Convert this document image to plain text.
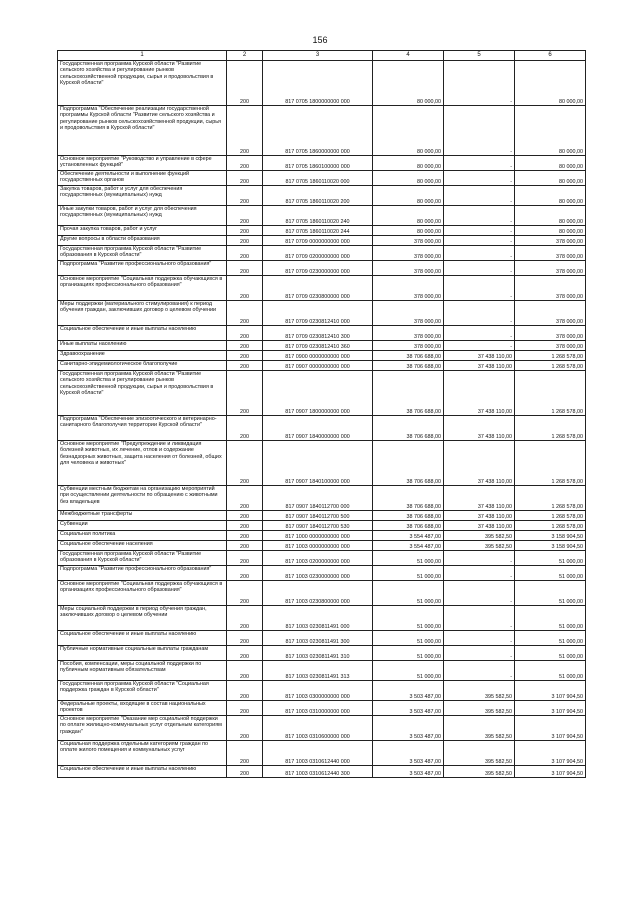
156
1	2	3	4	5	6
Государственная программа Курской области "Развитие сельского хозяйства и регулирование рынков сельскохозяйственной продукции, сырья и продовольствия в Курской области"	200	817 0705 1800000000 000	80 000,00	-	80 000,00
Подпрограмма "Обеспечение реализации государственной программы Курской области "Развитие сельского хозяйства и регулирование рынков сельскохозяйственной продукции, сырья и продовольствия в Курской области"	200	817 0705 1860000000 000	80 000,00	-	80 000,00
Основное мероприятие "Руководство и управление в сфере установленных функций"	200	817 0705 1860100000 000	80 000,00	-	80 000,00
Обеспечение деятельности и выполнение функций государственных органов	200	817 0705 1860110020 000	80 000,00	-	80 000,00
Закупка товаров, работ и услуг для обеспечения государственных (муниципальных) нужд	200	817 0705 1860110020 200	80 000,00	-	80 000,00
Иные закупки товаров, работ и услуг для обеспечения государственных (муниципальных) нужд	200	817 0705 1860110020 240	80 000,00	-	80 000,00
Прочая закупка товаров, работ и услуг	200	817 0705 1860110020 244	80 000,00	-	80 000,00
Другие вопросы в области образования	200	817 0709 0000000000 000	378 000,00	-	378 000,00
Государственная программа Курской области "Развитие образования в Курской области"	200	817 0709 0200000000 000	378 000,00	-	378 000,00
Подпрограмма "Развитие профессионального образования"	200	817 0709 0230000000 000	378 000,00	-	378 000,00
Основное мероприятие "Социальная поддержка обучающихся в организациях профессионального образования"	200	817 0709 0230800000 000	378 000,00	-	378 000,00
Меры поддержки (материального стимулирования) к период обучения граждан, заключивших договор о целевом обучении	200	817 0709 0230812410 000	378 000,00	-	378 000,00
Социальное обеспечение и иные выплаты населению	200	817 0709 0230812410 300	378 000,00	-	378 000,00
Иные выплаты населению	200	817 0709 0230812410 360	378 000,00	-	378 000,00
Здравоохранение	200	817 0900 0000000000 000	38 706 688,00	37 438 110,00	1 268 578,00
Санитарно-эпидемиологическое благополучие	200	817 0907 0000000000 000	38 706 688,00	37 438 110,00	1 268 578,00
Государственная программа Курской области "Развитие сельского хозяйства и регулирование рынков сельскохозяйственной продукции, сырья и продовольствия в Курской области"	200	817 0907 1800000000 000	38 706 688,00	37 438 110,00	1 268 578,00
Подпрограмма "Обеспечение эпизоотического и ветеринарно-санитарного благополучия территории Курской области"	200	817 0907 1840000000 000	38 706 688,00	37 438 110,00	1 268 578,00
Основное мероприятие "Предупреждение и ликвидация болезней животных, их лечение, отлов и содержание безнадзорных животных, защита населения от болезней, общих для человека и животных"	200	817 0907 1840100000 000	38 706 688,00	37 438 110,00	1 268 578,00
Субвенции местным бюджетам на организацию мероприятий при осуществлении деятельности по обращению с животными без владельцев	200	817 0907 1840112700 000	38 706 688,00	37 438 110,00	1 268 578,00
Межбюджетные трансферты	200	817 0907 1840112700 500	38 706 688,00	37 438 110,00	1 268 578,00
Субвенции	200	817 0907 1840112700 530	38 706 688,00	37 438 110,00	1 268 578,00
Социальная политика	200	817 1000 0000000000 000	3 554 487,00	395 582,50	3 158 904,50
Социальное обеспечение населения	200	817 1003 0000000000 000	3 554 487,00	395 582,50	3 158 904,50
Государственная программа Курской области "Развитие образования в Курской области"	200	817 1003 0200000000 000	51 000,00	-	51 000,00
Подпрограмма "Развитие профессионального образования"	200	817 1003 0230000000 000	51 000,00	-	51 000,00
Основное мероприятие "Социальная поддержка обучающихся в организациях профессионального образования"	200	817 1003 0230800000 000	51 000,00	-	51 000,00
Меры социальной поддержки в период обучения граждан, заключивших договор о целевом обучении	200	817 1003 0230811491 000	51 000,00	-	51 000,00
Социальное обеспечение и иные выплаты населению	200	817 1003 0230811491 300	51 000,00	-	51 000,00
Публичные нормативные социальные выплаты гражданам	200	817 1003 0230811491 310	51 000,00	-	51 000,00
Пособия, компенсации, меры социальной поддержки по публичным нормативным обязательствам	200	817 1003 0230811491 313	51 000,00	-	51 000,00
Государственная программа Курской области "Социальная поддержка граждан в Курской области"	200	817 1003 0300000000 000	3 503 487,00	395 582,50	3 107 904,50
Федеральные проекты, входящие в состав национальных проектов	200	817 1003 0310000000 000	3 503 487,00	395 582,50	3 107 904,50
Основное мероприятие "Оказание мер социальной поддержки по оплате жилищно-коммунальных услуг отдельным категориям граждан"	200	817 1003 0310600000 000	3 503 487,00	395 582,50	3 107 904,50
Социальная поддержка отдельным категориям граждан по оплате жилого помещения и коммунальных услуг	200	817 1003 0310612440 000	3 503 487,00	395 582,50	3 107 904,50
Социальное обеспечение и иные выплаты населению	200	817 1003 0310612440 300	3 503 487,00	395 582,50	3 107 904,50
